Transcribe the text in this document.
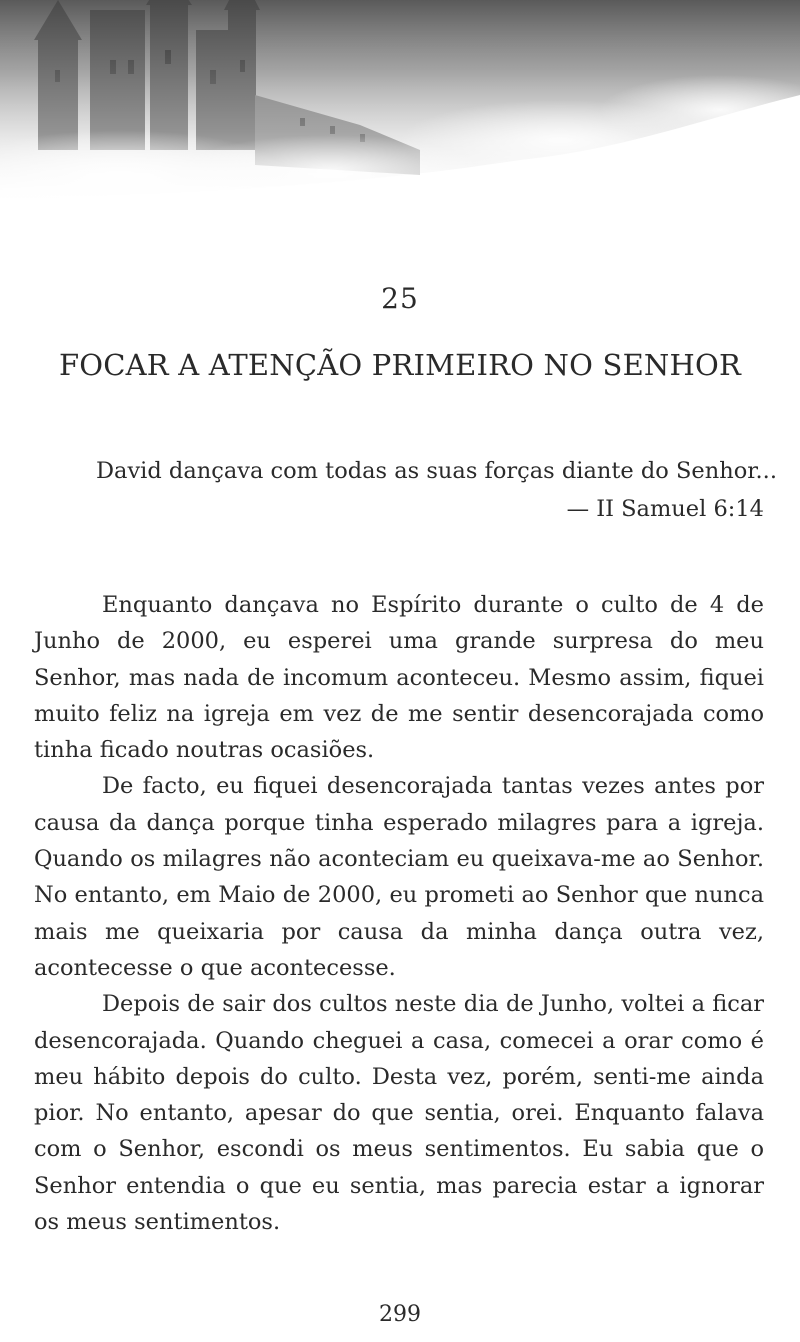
25
FOCAR A ATENÇÃO PRIMEIRO NO SENHOR
David dançava com todas as suas forças diante do Senhor...
— II Samuel 6:14

Enquanto dançava no Espírito durante o culto de 4 de Junho de 2000, eu esperei uma grande surpresa do meu Senhor, mas nada de incomum aconteceu. Mesmo assim, fiquei muito feliz na igreja em vez de me sentir desencorajada como tinha ficado noutras ocasiões.

De facto, eu fiquei desencorajada tantas vezes antes por causa da dança porque tinha esperado milagres para a igreja. Quando os milagres não aconteciam eu queixava-me ao Senhor. No entanto, em Maio de 2000, eu prometi ao Senhor que nunca mais me queixaria por causa da minha dança outra vez, acontecesse o que acontecesse.

Depois de sair dos cultos neste dia de Junho, voltei a ficar desencorajada. Quando cheguei a casa, comecei a orar como é meu hábito depois do culto. Desta vez, porém, senti-me ainda pior. No entanto, apesar do que sentia, orei. Enquanto falava com o Senhor, escondi os meus sentimentos. Eu sabia que o Senhor entendia o que eu sentia, mas parecia estar a ignorar os meus sentimentos.

299
